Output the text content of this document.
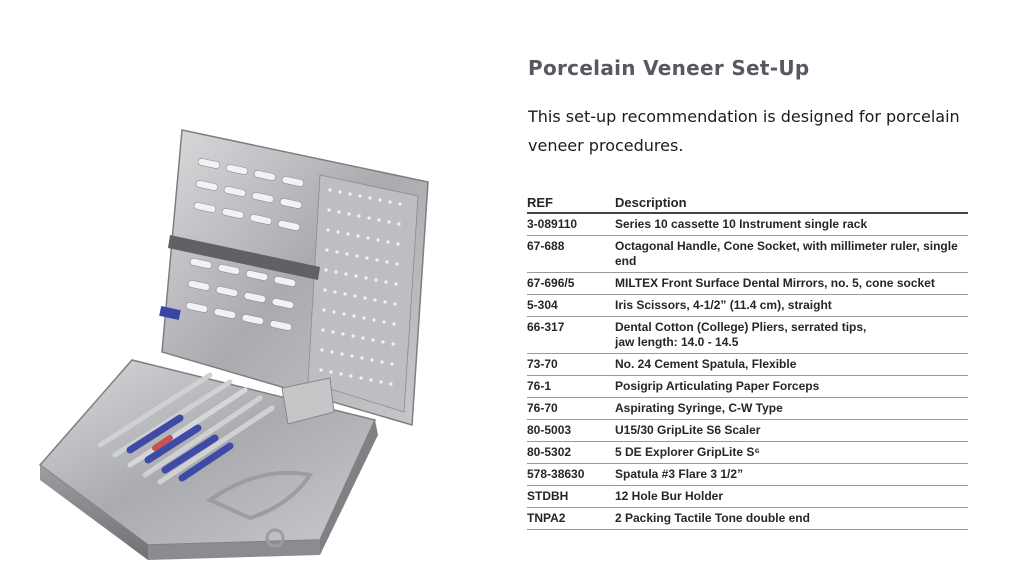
Porcelain Veneer Set-Up

This set-up recommendation is designed for porcelain veneer procedures.

REF	Description
3-089110	Series 10 cassette 10 Instrument single rack

67-688	Octagonal Handle, Cone Socket, with millimeter ruler, single end

67-696/5	MILTEX Front Surface Dental Mirrors, no. 5, cone socket

5-304	Iris Scissors, 4-1/2” (11.4 cm), straight

66-317	Dental Cotton (College) Pliers, serrated tips,
jaw length: 14.0 - 14.5

73-70	No. 24 Cement Spatula, Flexible

76-1	Posigrip Articulating Paper Forceps

76-70	Aspirating Syringe, C-W Type

80-5003	U15/30 GripLite S6 Scaler

80-5302	5 DE Explorer GripLite S⁶

578-38630	Spatula #3 Flare 3 1/2”

STDBH	12 Hole Bur Holder

TNPA2	2 Packing Tactile Tone double end
